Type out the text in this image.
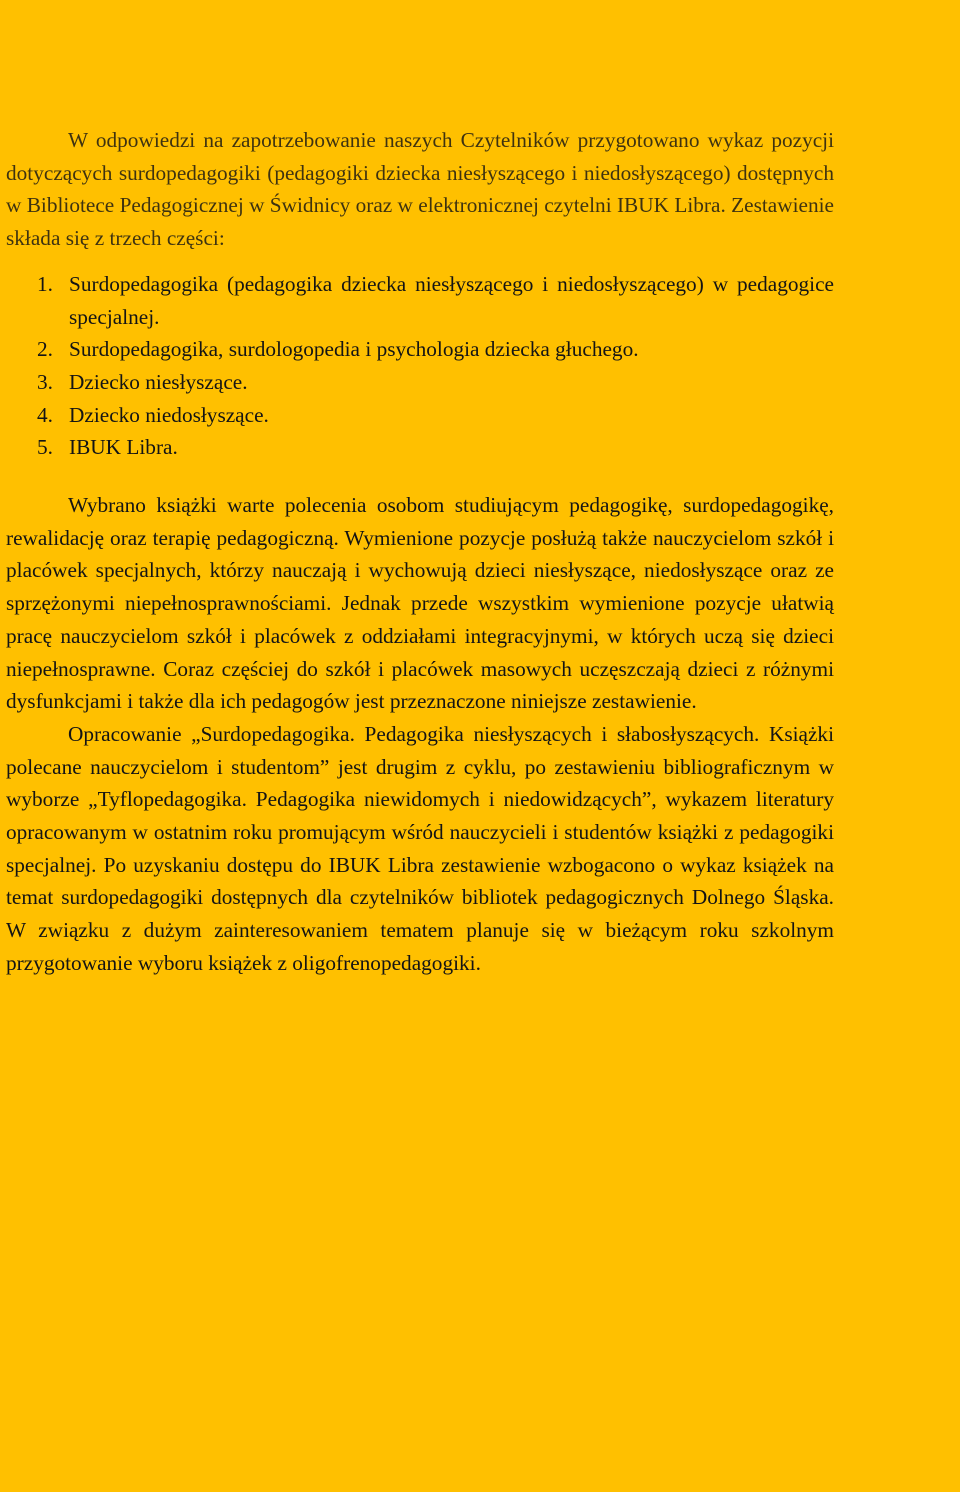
W odpowiedzi na zapotrzebowanie naszych Czytelników przygotowano wykaz pozycji dotyczących surdopedagogiki (pedagogiki dziecka niesłyszącego i niedosłyszącego) dostępnych w Bibliotece Pedagogicznej w Świdnicy oraz w elektronicznej czytelni IBUK Libra. Zestawienie składa się z trzech części:

1. Surdopedagogika (pedagogika dziecka niesłyszącego i niedosłyszącego) w pedagogice specjalnej.
2. Surdopedagogika, surdologopedia i psychologia dziecka głuchego.
3. Dziecko niesłyszące.
4. Dziecko niedosłyszące.
5. IBUK Libra.

Wybrano książki warte polecenia osobom studiującym pedagogikę, surdopedagogikę, rewalidację oraz terapię pedagogiczną. Wymienione pozycje posłużą także nauczycielom szkół i placówek specjalnych, którzy nauczają i wychowują dzieci niesłyszące, niedosłyszące oraz ze sprzężonymi niepełnosprawnościami. Jednak przede wszystkim wymienione pozycje ułatwią pracę nauczycielom szkół i placówek z oddziałami integracyjnymi, w których uczą się dzieci niepełnosprawne. Coraz częściej do szkół i placówek masowych uczęszczają dzieci z różnymi dysfunkcjami i także dla ich pedagogów jest przeznaczone niniejsze zestawienie.

Opracowanie „Surdopedagogika. Pedagogika niesłyszących i słabosłyszących. Książki polecane nauczycielom i studentom” jest drugim z cyklu, po zestawieniu bibliograficznym w wyborze „Tyflopedagogika. Pedagogika niewidomych i niedowidzących”, wykazem literatury opracowanym w ostatnim roku promującym wśród nauczycieli i studentów książki z pedagogiki specjalnej. Po uzyskaniu dostępu do IBUK Libra zestawienie wzbogacono o wykaz książek na temat surdopedagogiki dostępnych dla czytelników bibliotek pedagogicznych Dolnego Śląska. W związku z dużym zainteresowaniem tematem planuje się w bieżącym roku szkolnym przygotowanie wyboru książek z oligofrenopedagogiki.
